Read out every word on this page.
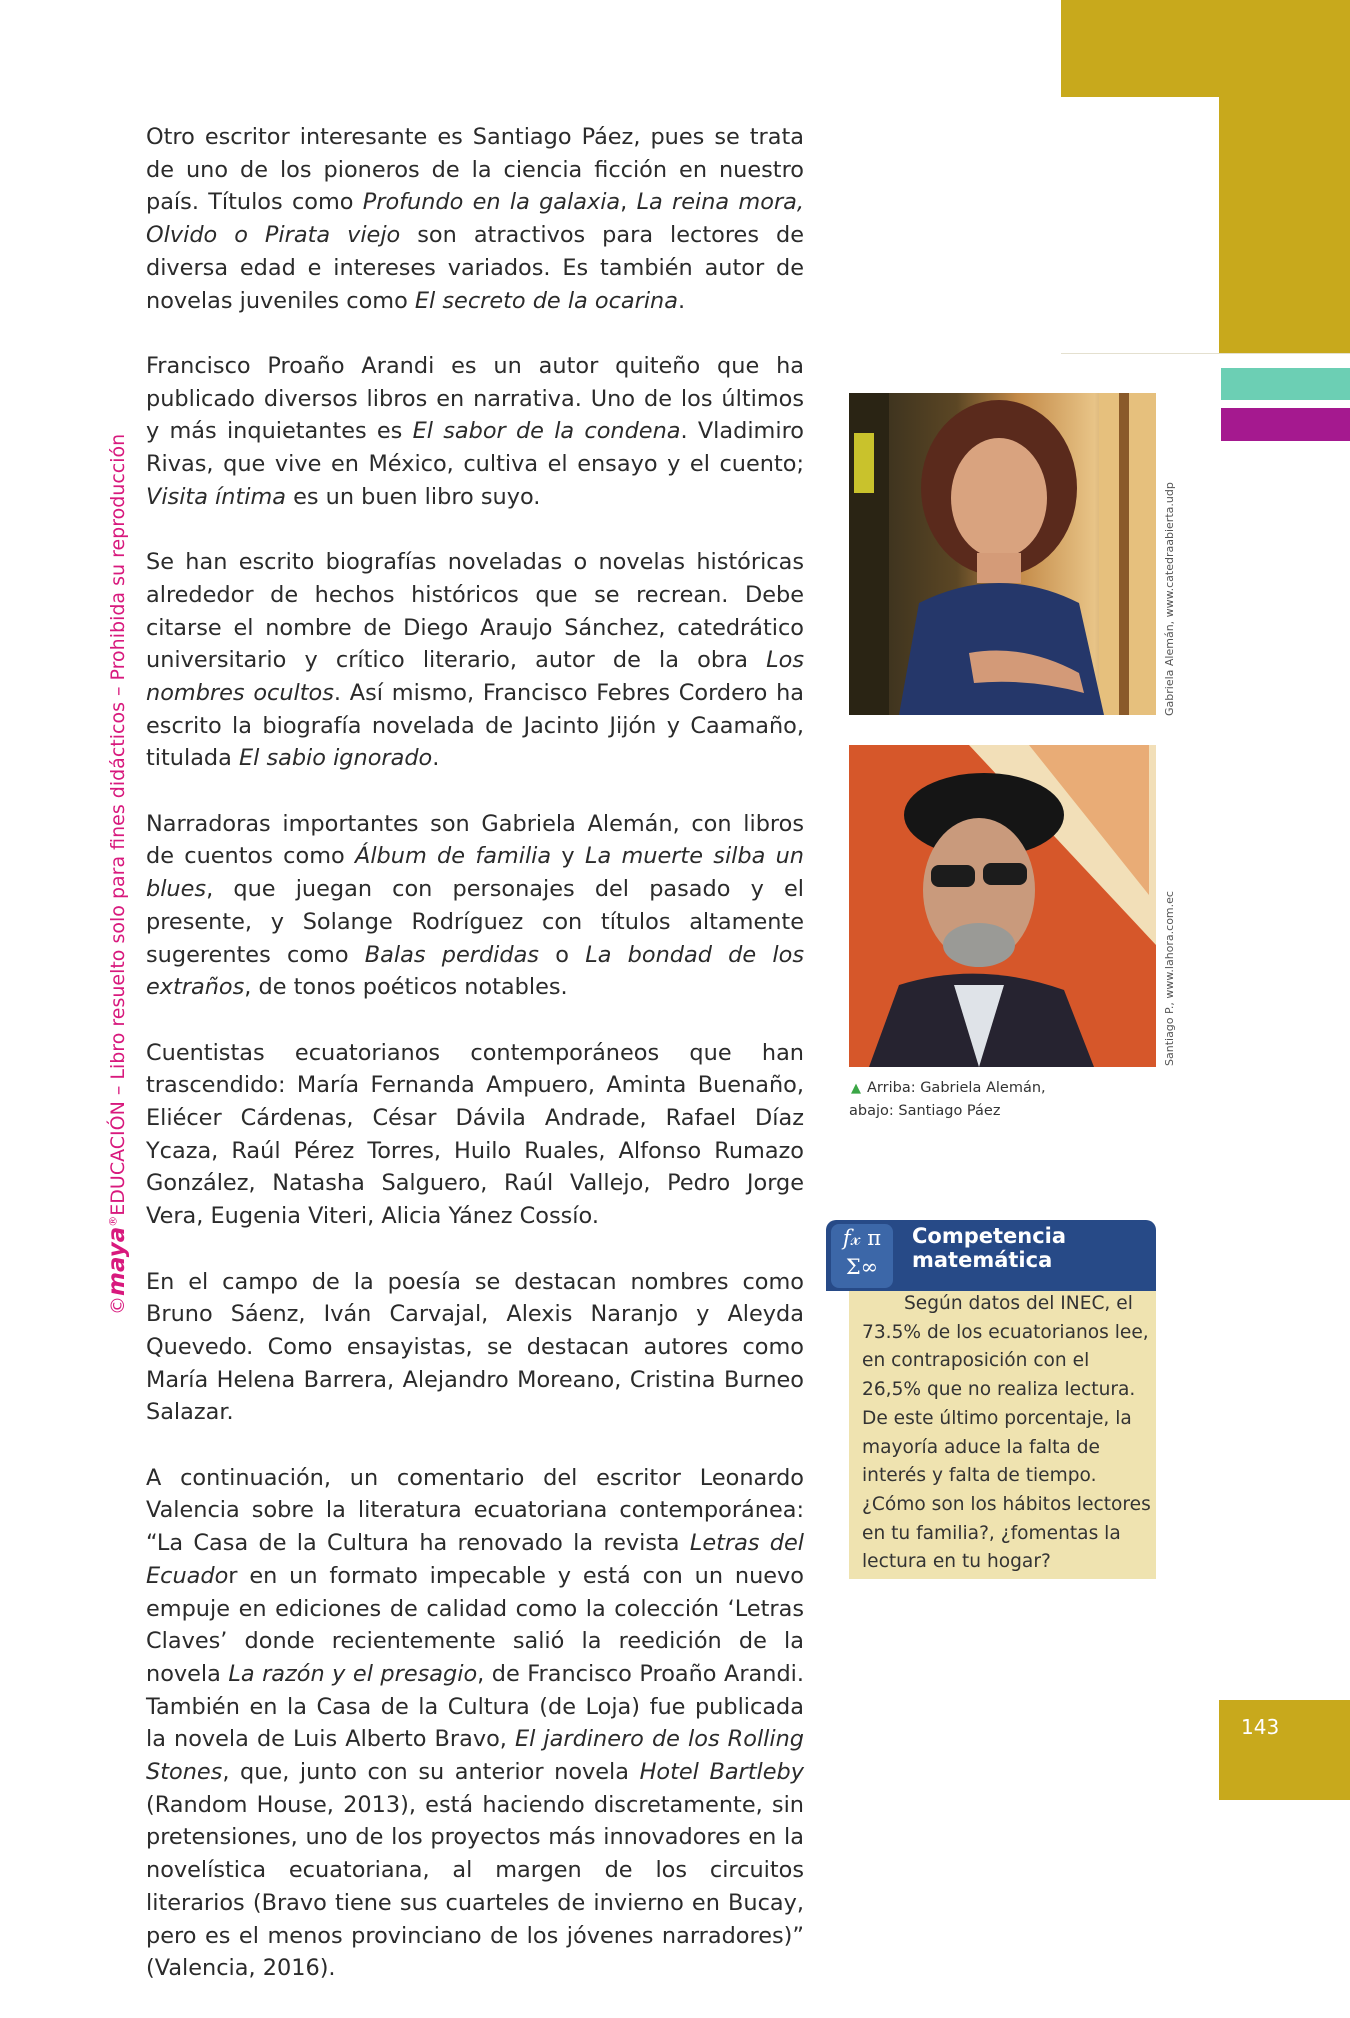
©maya®EDUCACIÓN – Libro resuelto solo para fines didácticos – Prohibida su reproducción

Otro escritor interesante es Santiago Páez, pues se trata de uno de los pioneros de la ciencia ficción en nuestro país. Títulos como Profundo en la galaxia, La reina mora, Olvido o Pirata viejo son atractivos para lectores de diversa edad e intereses variados. Es también autor de novelas juveniles como El secreto de la ocarina.

Francisco Proaño Arandi es un autor quiteño que ha publicado diversos libros en narrativa. Uno de los últimos y más inquietantes es El sabor de la condena. Vladimiro Rivas, que vive en México, cultiva el ensayo y el cuento; Visita íntima es un buen libro suyo.

Se han escrito biografías noveladas o novelas históricas alrededor de hechos históricos que se recrean. Debe citarse el nombre de Diego Araujo Sánchez, catedrático universitario y crítico literario, autor de la obra Los nombres ocultos. Así mismo, Francisco Febres Cordero ha escrito la biografía novelada de Jacinto Jijón y Caamaño, titulada El sabio ignorado.

Narradoras importantes son Gabriela Alemán, con libros de cuentos como Álbum de familia y La muerte silba un blues, que juegan con personajes del pasado y el presente, y Solange Rodríguez con títulos altamente sugerentes como Balas perdidas o La bondad de los extraños, de tonos poéticos notables.

Cuentistas ecuatorianos contemporáneos que han trascendido: María Fernanda Ampuero, Aminta Buenaño, Eliécer Cárdenas, César Dávila Andrade, Rafael Díaz Ycaza, Raúl Pérez Torres, Huilo Ruales, Alfonso Rumazo González, Natasha Salguero, Raúl Vallejo, Pedro Jorge Vera, Eugenia Viteri, Alicia Yánez Cossío.

En el campo de la poesía se destacan nombres como Bruno Sáenz, Iván Carvajal, Alexis Naranjo y Aleyda Quevedo. Como ensayistas, se destacan autores como María Helena Barrera, Alejandro Moreano, Cristina Burneo Salazar.

A continuación, un comentario del escritor Leonardo Valencia sobre la literatura ecuatoriana contemporánea: “La Casa de la Cultura ha renovado la revista Letras del Ecuador en un formato impecable y está con un nuevo empuje en ediciones de calidad como la colección ‘Letras Claves’ donde recientemente salió la reedición de la novela La razón y el presagio, de Francisco Proaño Arandi. También en la Casa de la Cultura (de Loja) fue publicada la novela de Luis Alberto Bravo, El jardinero de los Rolling Stones, que, junto con su anterior novela Hotel Bartleby (Random House, 2013), está haciendo discretamente, sin pretensiones, uno de los proyectos más innovadores en la novelística ecuatoriana, al margen de los circuitos literarios (Bravo tiene sus cuarteles de invierno en Bucay, pero es el menos provinciano de los jóvenes narradores)” (Valencia, 2016).

Gabriela Alemán, www.catedraabierta.udp
Santiago P., www.lahora.com.ec
▲ Arriba: Gabriela Alemán,
abajo: Santiago Páez
𝑓𝓍 π
Σ∞
Competencia
matemática
Según datos del INEC, el 73.5% de los ecuatorianos lee, en contraposición con el 26,5% que no realiza lectura. De este último porcentaje, la mayoría aduce la falta de interés y falta de tiempo. ¿Cómo son los hábitos lectores en tu familia?, ¿fomentas la lectura en tu hogar?
143
